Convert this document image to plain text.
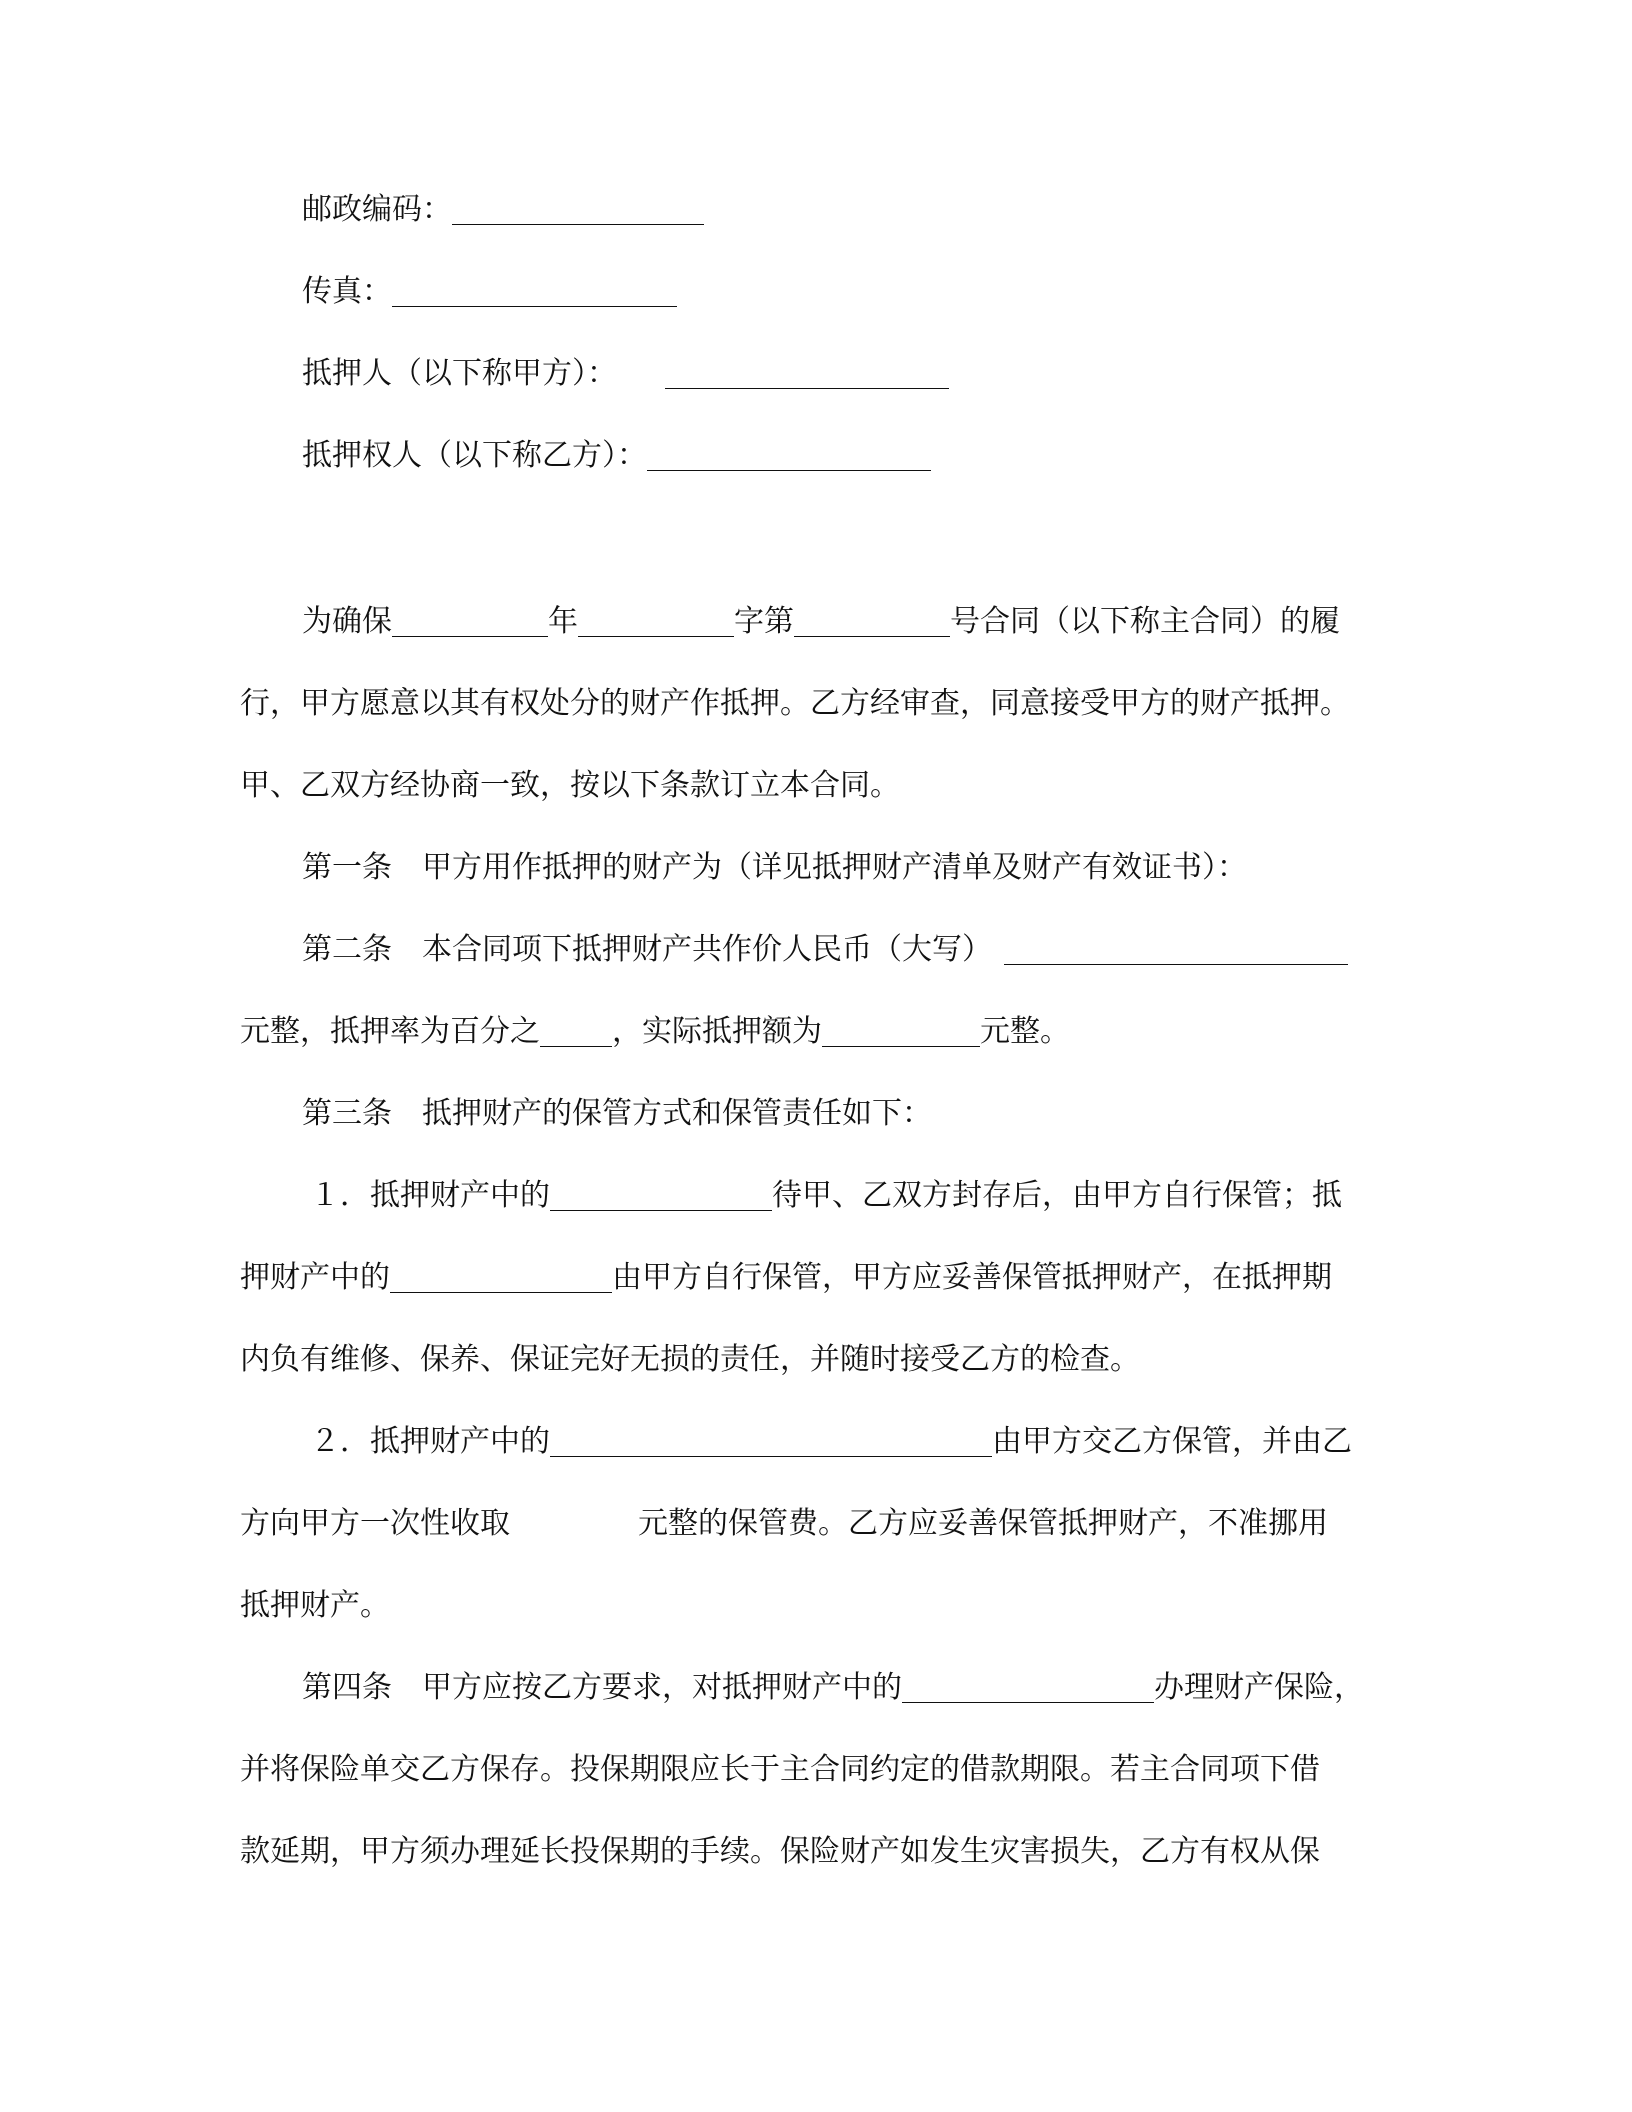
邮政编码：
传真：
抵押人（以下称甲方）：
抵押权人（以下称乙方）：
为确保	年	字第	号合同（以下称主合同）的履
行，甲方愿意以其有权处分的财产作抵押。乙方经审查，同意接受甲方的财产抵押。
甲、乙双方经协商一致，按以下条款订立本合同。
第一条　甲方用作抵押的财产为（详见抵押财产清单及财产有效证书）：
第二条　本合同项下抵押财产共作价人民币（大写）
元整，抵押率为百分之 ，实际抵押额为	元整。
第三条　抵押财产的保管方式和保管责任如下：
１．抵押财产中的	待甲、乙双方封存后，由甲方自行保管；抵
押财产中的	由甲方自行保管，甲方应妥善保管抵押财产，在抵押期
内负有维修、保养、保证完好无损的责任，并随时接受乙方的检查。
２．抵押财产中的	由甲方交乙方保管，并由乙
方向甲方一次性收取	元整的保管费。乙方应妥善保管抵押财产，不准挪用
抵押财产。
第四条　甲方应按乙方要求，对抵押财产中的	办理财产保险，
并将保险单交乙方保存。投保期限应长于主合同约定的借款期限。若主合同项下借
款延期，甲方须办理延长投保期的手续。保险财产如发生灾害损失，乙方有权从保
